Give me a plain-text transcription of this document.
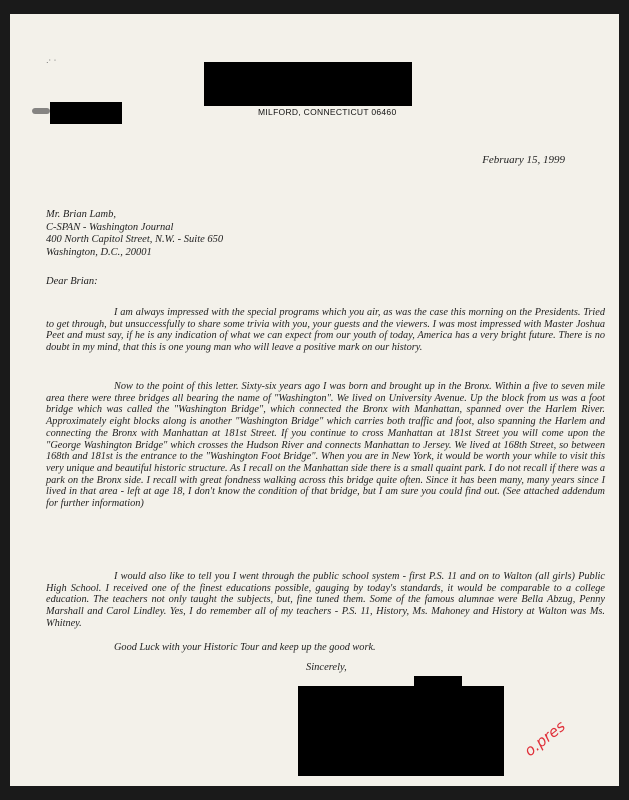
.· ⋅
MILFORD, CONNECTICUT 06460
February 15, 1999
Mr. Brian Lamb,
C-SPAN - Washington Journal
400 North Capitol Street, N.W. - Suite 650
Washington, D.C., 20001
Dear Brian:

I am always impressed with the special programs which you air, as was the case this morning on the Presidents. Tried to get through, but unsuccessfully to share some trivia with you, your guests and the viewers. I was most impressed with Master Joshua Peet and must say, if he is any indication of what we can expect from our youth of today, America has a very bright future. There is no doubt in my mind, that this is one young man who will leave a positive mark on our history.

Now to the point of this letter. Sixty-six years ago I was born and brought up in the Bronx. Within a five to seven mile area there were three bridges all bearing the name of "Washington". We lived on University Avenue. Up the block from us was a foot bridge which was called the "Washington Bridge", which connected the Bronx with Manhattan, spanned over the Harlem River. Approximately eight blocks along is another "Washington Bridge" which carries both traffic and foot, also spanning the Harlem and connecting the Bronx with Manhattan at 181st Street. If you continue to cross Manhattan at 181st Street you will come upon the "George Washington Bridge" which crosses the Hudson River and connects Manhattan to Jersey. We lived at 168th Street, so between 168th and 181st is the entrance to the "Washington Foot Bridge". When you are in New York, it would be worth your while to visit this very unique and beautiful historic structure. As I recall on the Manhattan side there is a small quaint park. I do not recall if there was a park on the Bronx side. I recall with great fondness walking across this bridge quite often. Since it has been many, many years since I lived in that area - left at age 18, I don't know the condition of that bridge, but I am sure you could find out. (See attached addendum for further information)

I would also like to tell you I went through the public school system - first P.S. 11 and on to Walton (all girls) Public High School. I received one of the finest educations possible, gauging by today's standards, it would be comparable to a college education. The teachers not only taught the subjects, but, fine tuned them. Some of the famous alumnae were Bella Abzug, Penny Marshall and Carol Lindley. Yes, I do remember all of my teachers - P.S. 11, History, Ms. Mahoney and History at Walton was Ms. Whitney.

Good Luck with your Historic Tour and keep up the good work.

Sincerely,
o.pres
